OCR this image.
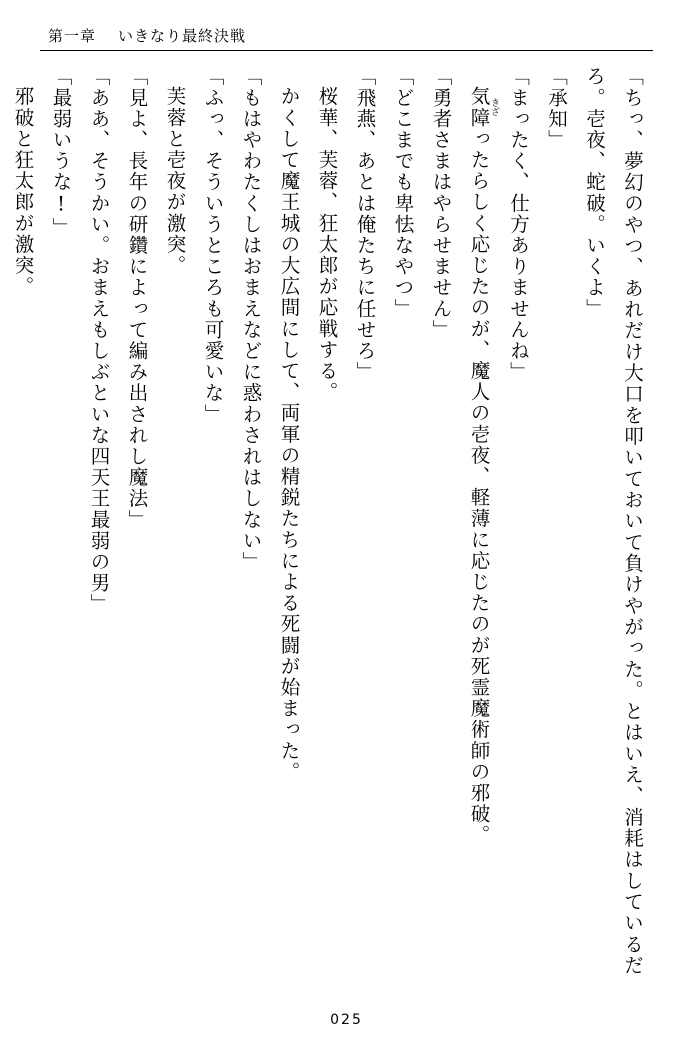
第一章 いきなり最終決戦

「ちっ、夢幻のやつ、あれだけ大口を叩いておいて負けやがった。とはいえ、消耗はしているだろ。壱夜、蛇破。いくよ」

「承知」

「まったく、仕方ありませんね」

気障きざったらしく応じたのが、魔人の壱夜、軽薄に応じたのが死霊魔術師の邪破。

「勇者さまはやらせません」

「どこまでも卑怯なやつ」

「飛燕、あとは俺たちに任せろ」

桜華、芙蓉、狂太郎が応戦する。

かくして魔王城の大広間にして、両軍の精鋭たちによる死闘が始まった。

「もはやわたくしはおまえなどに惑わされはしない」

「ふっ、そういうところも可愛いな」

芙蓉と壱夜が激突。

「見よ、長年の研鑽によって編み出されし魔法」

「ああ、そうかい。おまえもしぶといな四天王最弱の男」

「最弱いうな!」

邪破と狂太郎が激突。

025
